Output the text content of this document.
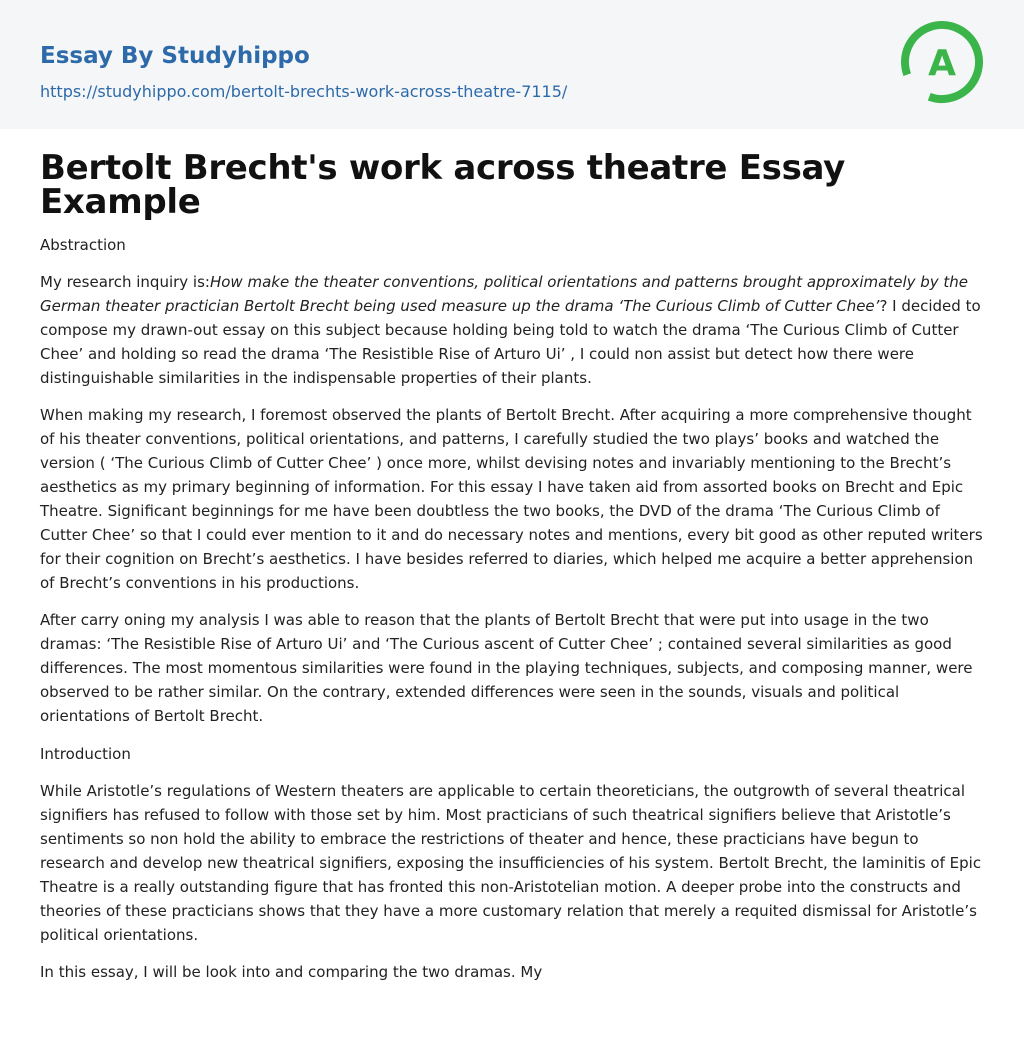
Essay By Studyhippo
https://studyhippo.com/bertolt-brechts-work-across-theatre-7115/
A
Bertolt Brecht's work across theatre Essay Example
Abstraction

My research inquiry is:How make the theater conventions, political orientations and patterns brought approximately by the German theater practician Bertolt Brecht being used measure up the drama ‘The Curious Climb of Cutter Chee’? I decided to compose my drawn-out essay on this subject because holding being told to watch the drama ‘The Curious Climb of Cutter Chee’ and holding so read the drama ‘The Resistible Rise of Arturo Ui’ , I could non assist but detect how there were distinguishable similarities in the indispensable properties of their plants.

When making my research, I foremost observed the plants of Bertolt Brecht. After acquiring a more comprehensive thought of his theater conventions, political orientations, and patterns, I carefully studied the two plays’ books and watched the version ( ‘The Curious Climb of Cutter Chee’ ) once more, whilst devising notes and invariably mentioning to the Brecht’s aesthetics as my primary beginning of information. For this essay I have taken aid from assorted books on Brecht and Epic Theatre. Significant beginnings for me have been doubtless the two books, the DVD of the drama ‘The Curious Climb of Cutter Chee’ so that I could ever mention to it and do necessary notes and mentions, every bit good as other reputed writers for their cognition on Brecht’s aesthetics. I have besides referred to diaries, which helped me acquire a better apprehension of Brecht’s conventions in his productions.

After carry oning my analysis I was able to reason that the plants of Bertolt Brecht that were put into usage in the two dramas: ‘The Resistible Rise of Arturo Ui’ and ‘The Curious ascent of Cutter Chee’ ; contained several similarities as good differences. The most momentous similarities were found in the playing techniques, subjects, and composing manner, were observed to be rather similar. On the contrary, extended differences were seen in the sounds, visuals and political orientations of Bertolt Brecht.

Introduction

While Aristotle’s regulations of Western theaters are applicable to certain theoreticians, the outgrowth of several theatrical signifiers has refused to follow with those set by him. Most practicians of such theatrical signifiers believe that Aristotle’s sentiments so non hold the ability to embrace the restrictions of theater and hence, these practicians have begun to research and develop new theatrical signifiers, exposing the insufficiencies of his system. Bertolt Brecht, the laminitis of Epic Theatre is a really outstanding figure that has fronted this non-Aristotelian motion. A deeper probe into the constructs and theories of these practicians shows that they have a more customary relation that merely a requited dismissal for Aristotle’s political orientations.

In this essay, I will be look into and comparing the two dramas. My
